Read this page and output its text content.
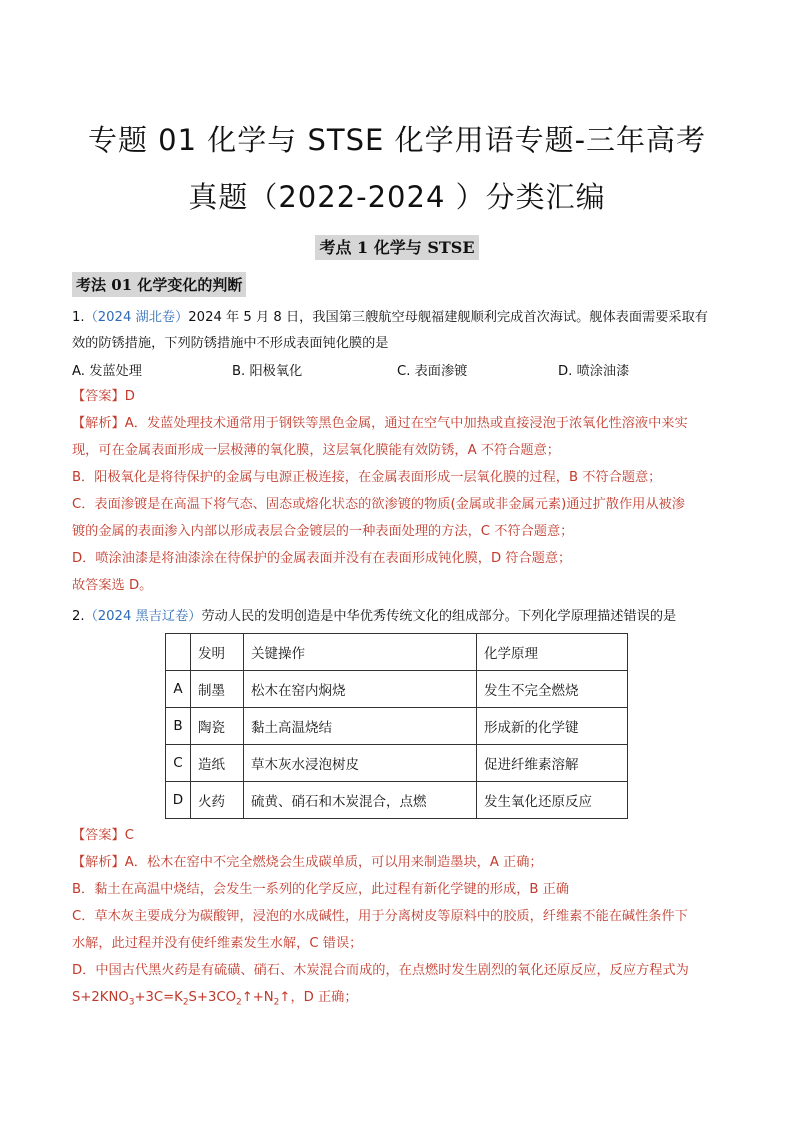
专题 01 化学与 STSE 化学用语专题-三年高考
真题（2022-2024 ）分类汇编
考点 1 化学与 STSE
考法 01 化学变化的判断
1.（2024 湖北卷）2024 年 5 月 8 日，我国第三艘航空母舰福建舰顺利完成首次海试。舰体表面需要采取有
效的防锈措施，下列防锈措施中不形成表面钝化膜的是
A. 发蓝处理	B. 阳极氧化	C. 表面渗镀	D. 喷涂油漆
【答案】D
【解析】A．发蓝处理技术通常用于钢铁等黑色金属，通过在空气中加热或直接浸泡于浓氧化性溶液中来实
现，可在金属表面形成一层极薄的氧化膜，这层氧化膜能有效防锈，A 不符合题意；
B．阳极氧化是将待保护的金属与电源正极连接，在金属表面形成一层氧化膜的过程，B 不符合题意；
C．表面渗镀是在高温下将气态、固态或熔化状态的欲渗镀的物质(金属或非金属元素)通过扩散作用从被渗
镀的金属的表面渗入内部以形成表层合金镀层的一种表面处理的方法，C 不符合题意；
D．喷涂油漆是将油漆涂在待保护的金属表面并没有在表面形成钝化膜，D 符合题意；
故答案选 D。
2.（2024 黑吉辽卷）劳动人民的发明创造是中华优秀传统文化的组成部分。下列化学原理描述错误的是
	发明	关键操作	化学原理
A	制墨	松木在窑内焖烧	发生不完全燃烧
B	陶瓷	黏土高温烧结	形成新的化学键
C	造纸	草木灰水浸泡树皮	促进纤维素溶解
D	火药	硫黄、硝石和木炭混合，点燃	发生氧化还原反应
【答案】C
【解析】A．松木在窑中不完全燃烧会生成碳单质，可以用来制造墨块，A 正确；
B．黏土在高温中烧结，会发生一系列的化学反应，此过程有新化学键的形成，B 正确
C．草木灰主要成分为碳酸钾，浸泡的水成碱性，用于分离树皮等原料中的胶质，纤维素不能在碱性条件下
水解，此过程并没有使纤维素发生水解，C 错误；
D．中国古代黑火药是有硫磺、硝石、木炭混合而成的，在点燃时发生剧烈的氧化还原反应，反应方程式为
$S+2KNO_3+3C=K_2S+3CO_2↑+N_2↑$，D 正确；
